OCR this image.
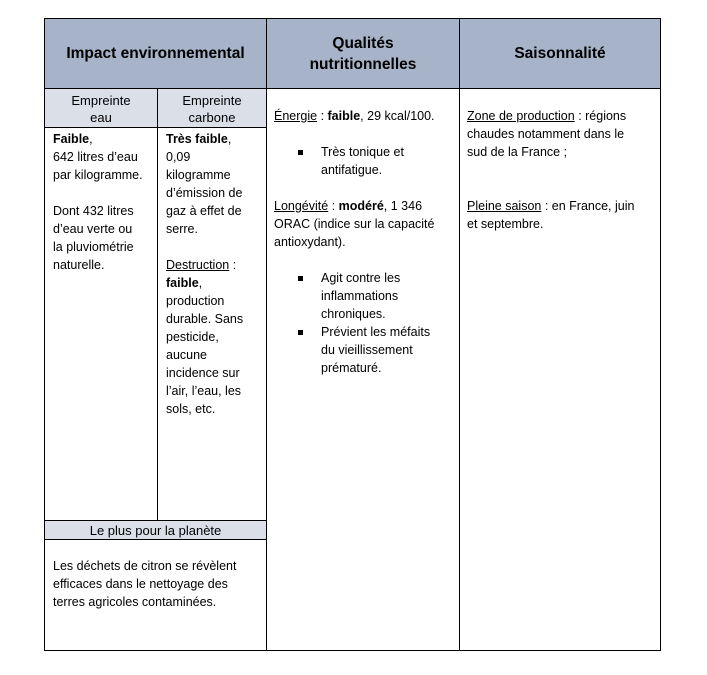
Impact environnemental
Qualités
nutritionnelles
Saisonnalité
Empreinte
eau
Empreinte
carbone

Faible,

642 litres d’eau

par kilogramme.

Dont 432 litres

d’eau verte ou

la pluviométrie

naturelle.

Très faible,

0,09

kilogramme

d’émission de

gaz à effet de

serre.

Destruction :

faible,

production

durable. Sans

pesticide,

aucune

incidence sur

l’air, l’eau, les

sols, etc.

Le plus pour la planète

Les déchets de citron se révèlent

efficaces dans le nettoyage des

terres agricoles contaminées.

Énergie : faible, 29 kcal/100.

Très tonique et
antifatigue.

Longévité : modéré, 1 346

ORAC (indice sur la capacité

antioxydant).

Agit contre les
inflammations
chroniques.
Prévient les méfaits
du vieillissement
prématuré.

Zone de production : régions

chaudes notamment dans le

sud de la France ;

Pleine saison : en France, juin

et septembre.
